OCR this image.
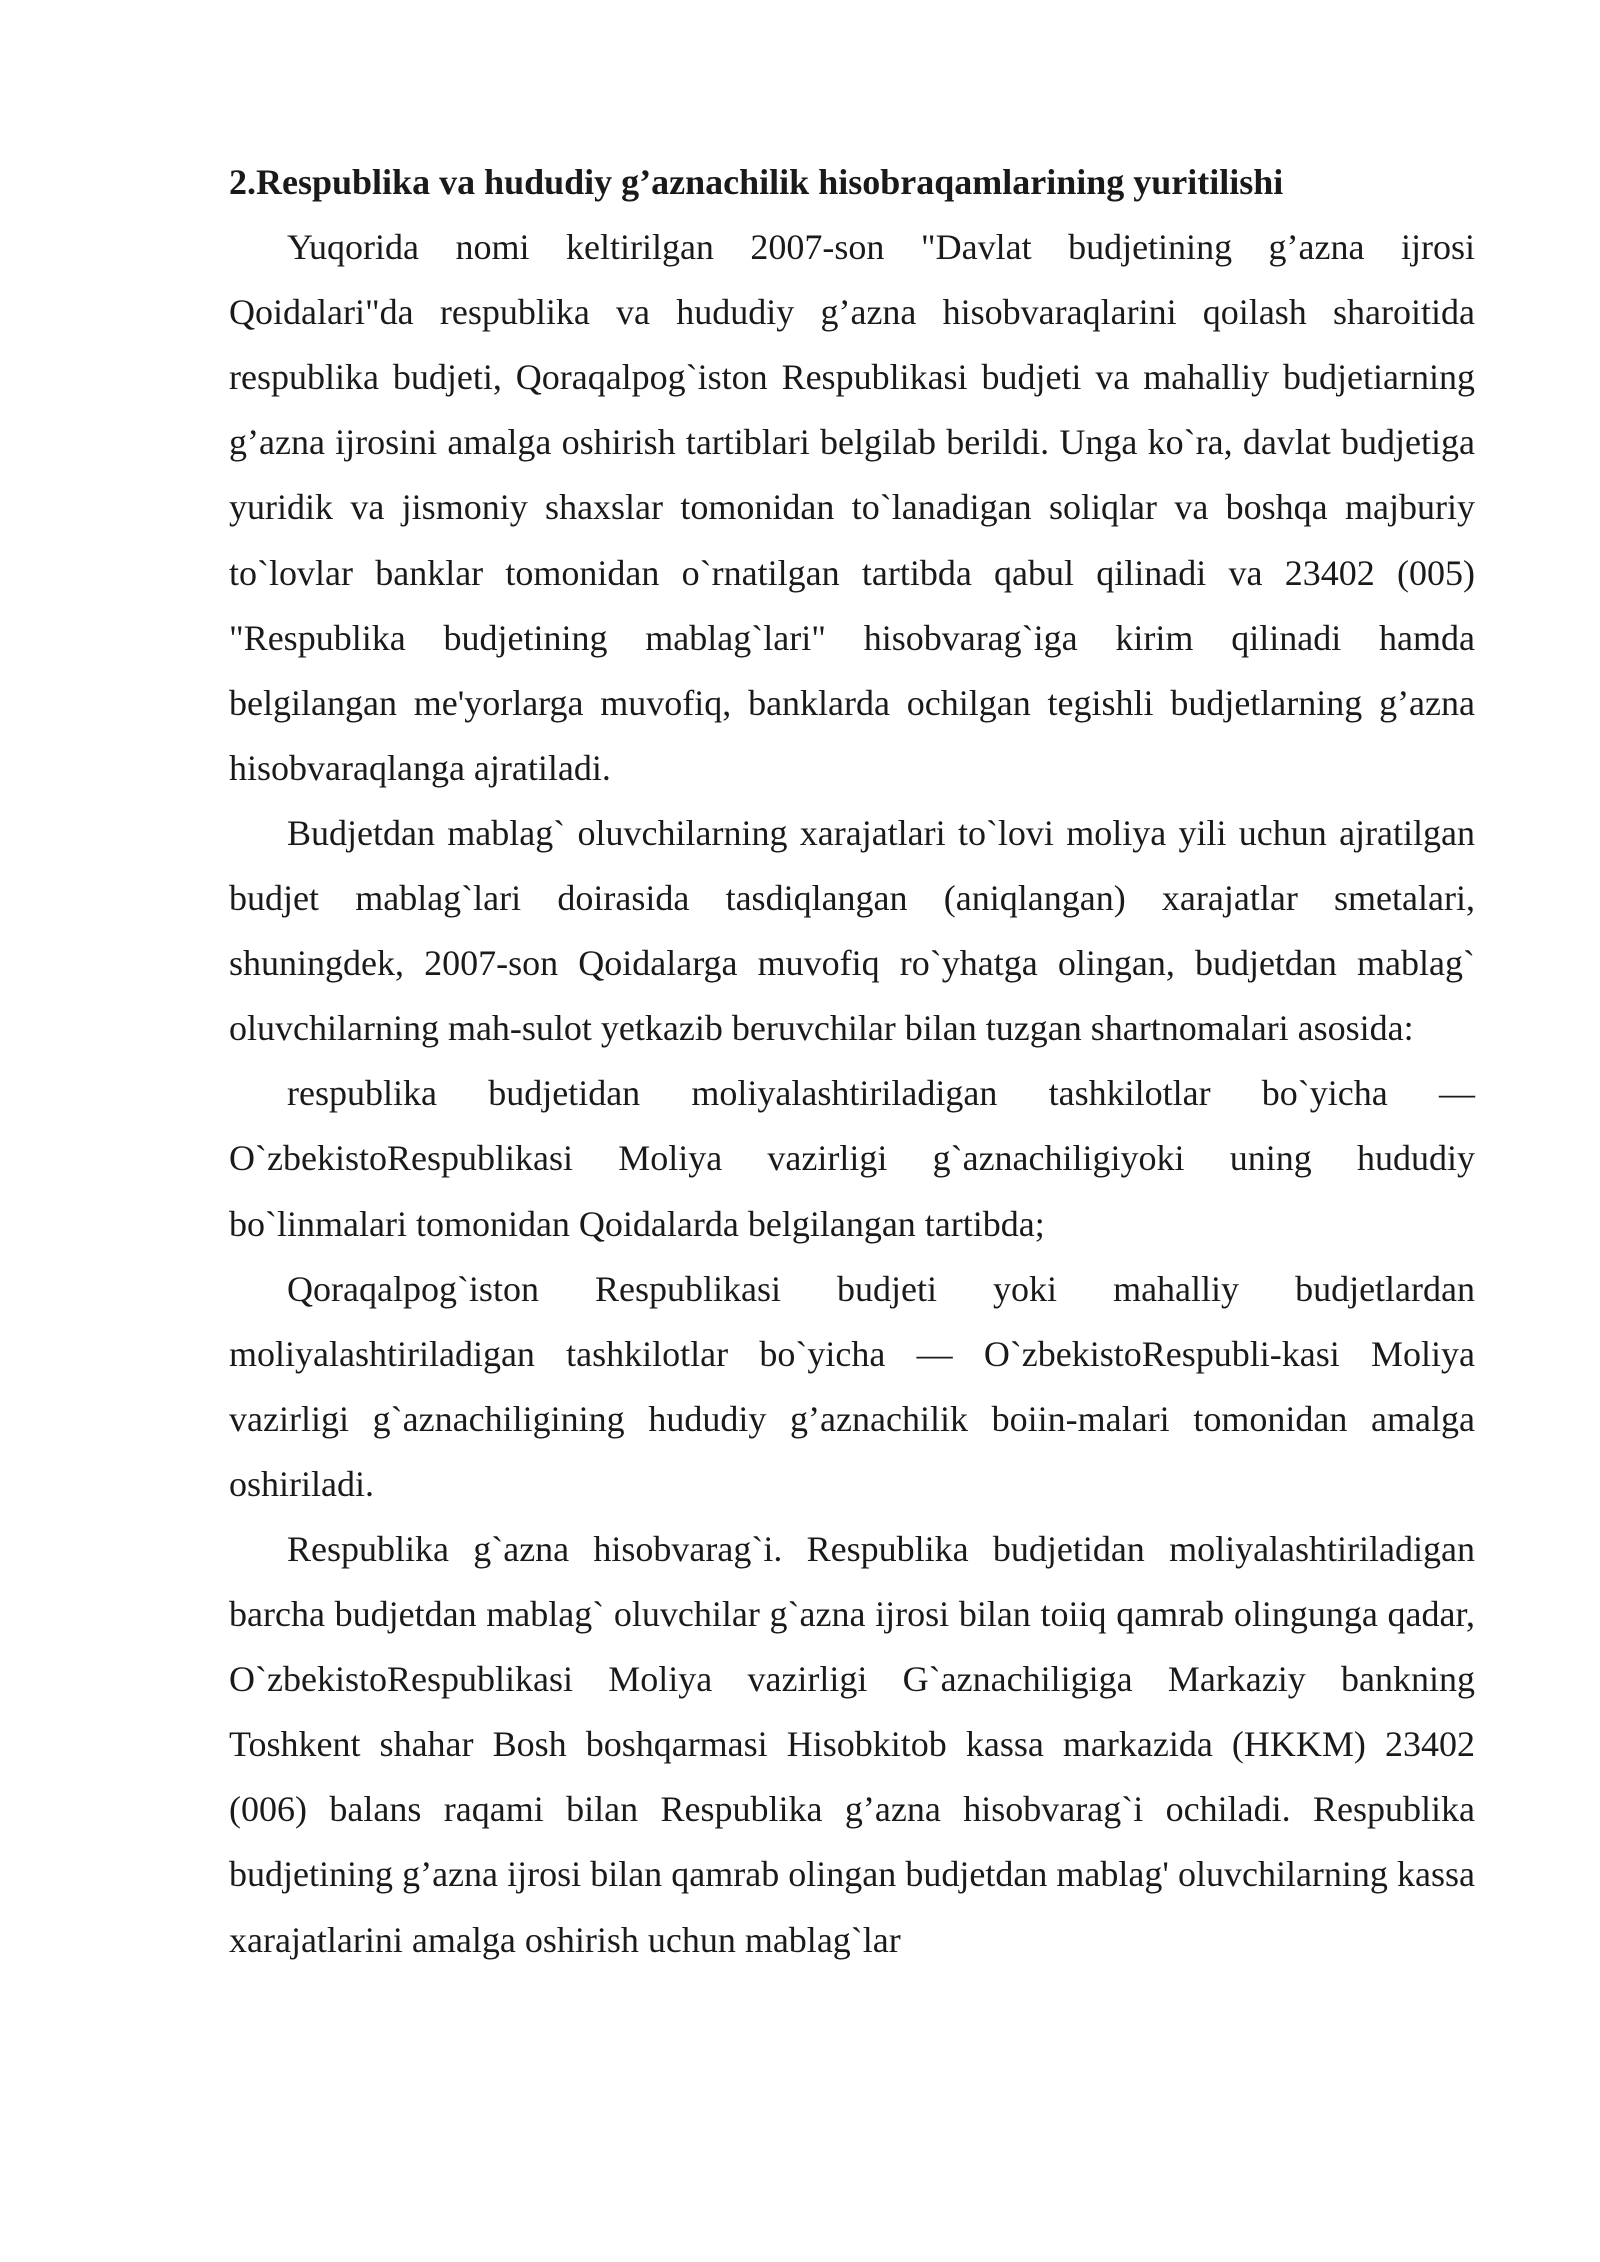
2.Respublika va hududiy g’aznachilik hisobraqamlarining yuritilishi

Yuqorida nomi keltirilgan 2007-son "Davlat budjetining g’azna ijrosi Qoidalari"da respublika va hududiy g’azna hisobvaraqlarini qoilash sharoitida respublika budjeti, Qoraqalpog`iston Respublikasi budjeti va mahalliy budjetiarning g’azna ijrosini amalga oshirish tartiblari belgilab berildi. Unga ko`ra, davlat budjetiga yuridik va jismoniy shaxslar tomonidan to`lanadigan soliqlar va boshqa majburiy to`lovlar banklar tomonidan o`rnatilgan tartibda qabul qilinadi va 23402 (005) "Respublika budjetining mablag`lari" hisobvarag`iga kirim qilinadi hamda belgilangan me'yorlarga muvofiq, banklarda ochilgan tegishli budjetlarning g’azna hisobvaraqlanga ajratiladi.

Budjetdan mablag` oluvchilarning xarajatlari to`lovi moliya yili uchun ajratilgan budjet mablag`lari doirasida tasdiqlangan (aniqlangan) xarajatlar smetalari, shuningdek, 2007-son Qoidalarga muvofiq ro`yhatga olingan, budjetdan mablag` oluvchilarning mah-sulot yetkazib beruvchilar bilan tuzgan shartnomalari asosida:

respublika budjetidan moliyalashtiriladigan tashkilotlar bo`yicha — O`zbekistoRespublikasi Moliya vazirligi g`aznachiligiyoki uning hududiy bo`linmalari tomonidan Qoidalarda belgilangan tartibda;

Qoraqalpog`iston Respublikasi budjeti yoki mahalliy budjetlardan moliyalashtiriladigan tashkilotlar bo`yicha — O`zbekistoRespubli-kasi Moliya vazirligi g`aznachiligining hududiy g’aznachilik boiin-malari tomonidan amalga oshiriladi.

Respublika g`azna hisobvarag`i. Respublika budjetidan moliyalashtiriladigan barcha budjetdan mablag` oluvchilar g`azna ijrosi bilan toiiq qamrab olingunga qadar, O`zbekistoRespublikasi Moliya vazirligi G`aznachiligiga Markaziy bankning Toshkent shahar Bosh boshqarmasi Hisobkitob kassa markazida (HKKM) 23402 (006) balans raqami bilan Respublika g’azna hisobvarag`i ochiladi. Respublika budjetining g’azna ijrosi bilan qamrab olingan budjetdan mablag' oluvchilarning kassa xarajatlarini amalga oshirish uchun mablag`lar
